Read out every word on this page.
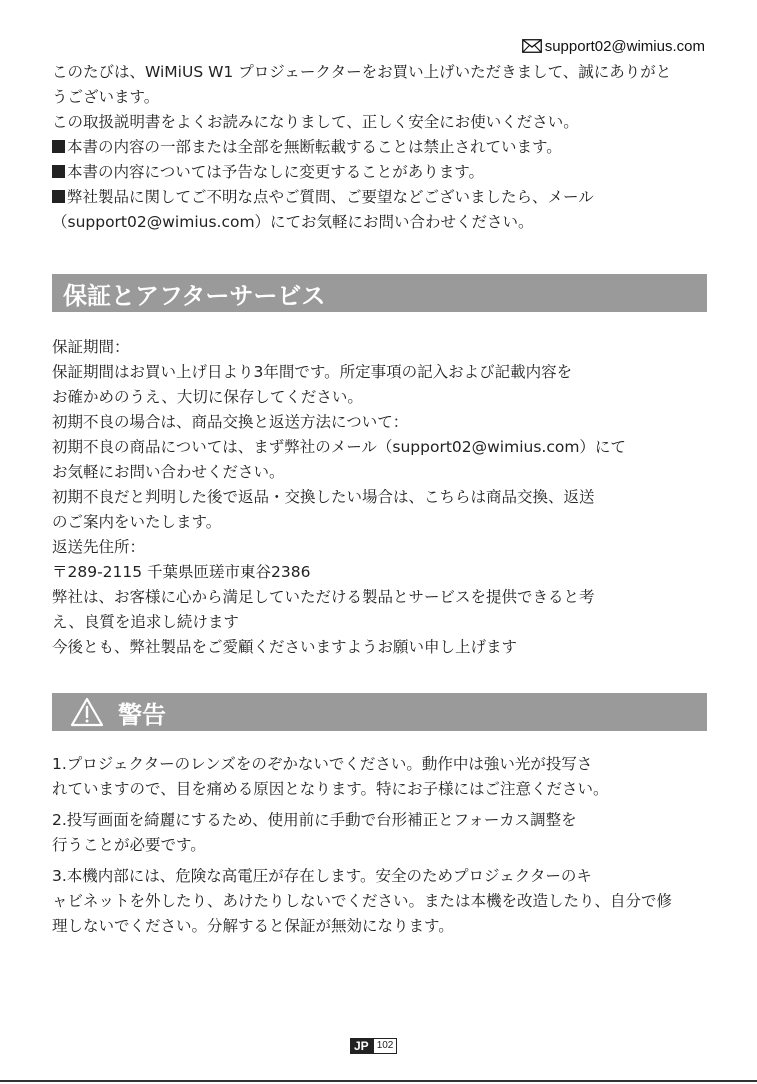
support02@wimius.com

このたびは、WiMiUS W1 プロジェークターをお買い上げいただきまして、誠にありがと

うございます。

この取扱説明書をよくお読みになりまして、正しく安全にお使いください。

本書の内容の一部または全部を無断転載することは禁止されています。

本書の内容については予告なしに変更することがあります。

弊社製品に関してご不明な点やご質問、ご要望などございましたら、メール

（support02@wimius.com）にてお気軽にお問い合わせください。

保証とアフターサービス

保証期間：

保証期間はお買い上げ日より3年間です。所定事項の記入および記載内容を

お確かめのうえ、大切に保存してください。

初期不良の場合は、商品交換と返送方法について：

初期不良の商品については、まず弊社のメール（support02@wimius.com）にて

お気軽にお問い合わせください。

初期不良だと判明した後で返品・交換したい場合は、こちらは商品交換、返送

のご案内をいたします。

返送先住所：

〒289-2115 千葉県匝瑳市東谷2386

弊社は、お客様に心から満足していただける製品とサービスを提供できると考

え、良質を追求し続けます

今後とも、弊社製品をご愛顧くださいますようお願い申し上げます

警告

1.プロジェクターのレンズをのぞかないでください。動作中は強い光が投写さ
れていますので、目を痛める原因となります。特にお子様にはご注意ください。

2.投写画面を綺麗にするため、使用前に手動で台形補正とフォーカス調整を
行うことが必要です。

3.本機内部には、危険な高電圧が存在します。安全のためプロジェクターのキ
ャビネットを外したり、あけたりしないでください。または本機を改造したり、自分で修
理しないでください。分解すると保証が無効になります。

JP 102
